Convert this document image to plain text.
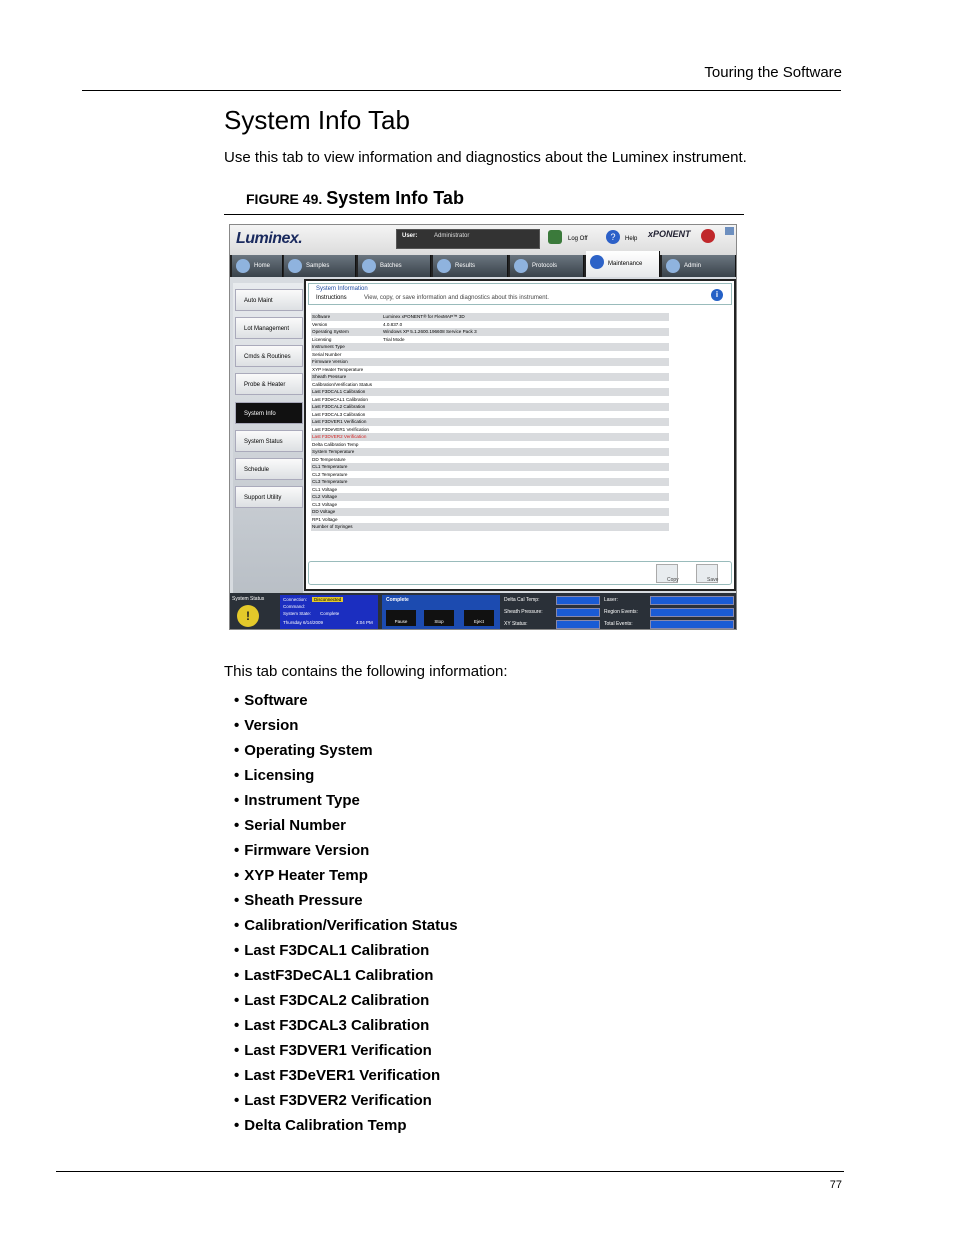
Touring the Software
System Info Tab
Use this tab to view information and diagnostics about the Luminex instrument.
FIGURE 49. System Info Tab
Luminex.	User:	Administrator	Log Off	?	Help xPONENT
Home	Samples	Batches	Results	Protocols	Maintenance	Admin
Auto Maint
Lot Management
Cmds & Routines
Probe & Heater
System Info
System Status
Schedule
Support Utility
System Information
Instructions	View, copy, or save information and diagnostics about this instrument.	i
Software	Luminex xPONENT® for FlexMAP™ 3D
Version	4.0.837.0
Operating System	Windows XP 5.1.2600.196608 Service Pack 3
Licensing	Trial Mode
Instrument Type
Serial Number
Firmware Version
XYP Heater Temperature
Sheath Pressure
Calibration/Verification Status
Last F3DCAL1 Calibration
Last F3DeCAL1 Calibration
Last F3DCAL2 Calibration
Last F3DCAL3 Calibration
Last F3DVER1 Verification
Last F3DeVER1 Verification
Last F3DVER2 Verification
Delta Calibration Temp
System Temperature
DD Temperature
CL1 Temperature
CL2 Temperature
CL3 Temperature
CL1 Voltage
CL2 Voltage
CL3 Voltage
DD Voltage
RP1 Voltage
Number of Syringes
Copy	Save
System Status
!
Connection:	Disconnected
Command:
System State: Complete
Thursday 6/14/2009	4:04 PM
Complete
Pause	Stop	Eject
Delta Cal Temp:
Sheath Pressure:
XY Status:
Laser:
Region Events:
Total Events:
This tab contains the following information:
• Software
• Version
• Operating System
• Licensing
• Instrument Type
• Serial Number
• Firmware Version
• XYP Heater Temp
• Sheath Pressure
• Calibration/Verification Status
• Last F3DCAL1 Calibration
• LastF3DeCAL1 Calibration
• Last F3DCAL2 Calibration
• Last F3DCAL3 Calibration
• Last F3DVER1 Verification
• Last F3DeVER1 Verification
• Last F3DVER2 Verification
• Delta Calibration Temp
77
